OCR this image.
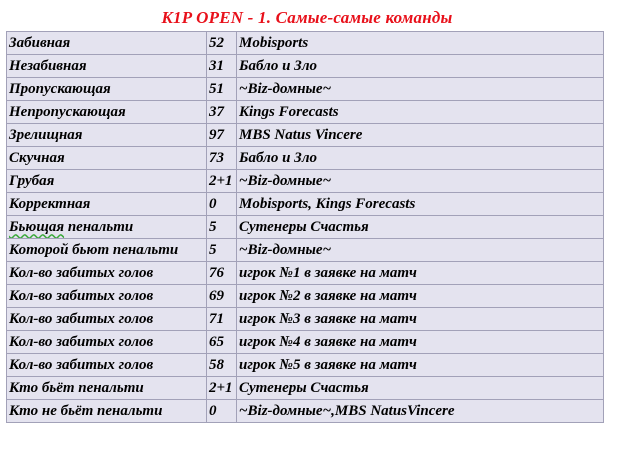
K1P OPEN - 1. Самые-самые команды
Забивная	52	Mobisports
Незабивная	31	Бабло и Зло
Пропускающая	51	~Biz-домные~
Непропускающая	37	Kings Forecasts
Зрелищная	97	MBS Natus Vincere
Скучная	73	Бабло и Зло
Грубая	2+1	~Biz-домные~
Корректная	0	Mobisports, Kings Forecasts
Бьющая пенальти	5	Сутенеры Счастья
Которой бьют пенальти	5	~Biz-домные~
Кол-во забитых голов	76	игрок №1 в заявке на матч
Кол-во забитых голов	69	игрок №2 в заявке на матч
Кол-во забитых голов	71	игрок №3 в заявке на матч
Кол-во забитых голов	65	игрок №4 в заявке на матч
Кол-во забитых голов	58	игрок №5 в заявке на матч
Кто бьёт пенальти	2+1	Сутенеры Счастья
Кто не бьёт пенальти	0	~Biz-домные~,MBS NatusVincere
